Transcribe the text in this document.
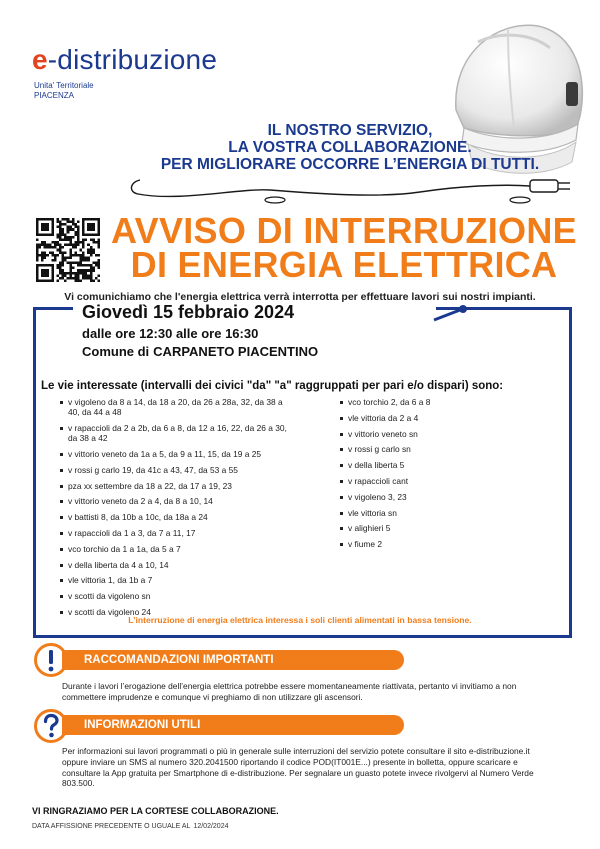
e-distribuzione
Unita' Territoriale
PIACENZA
IL NOSTRO SERVIZIO,
LA VOSTRA COLLABORAZIONE.
PER MIGLIORARE OCCORRE L’ENERGIA DI TUTTI.
AVVISO DI INTERRUZIONE
DI ENERGIA ELETTRICA
Vi comunichiamo che l'energia elettrica verrà interrotta per effettuare lavori sui nostri impianti.
Giovedì 15 febbraio 2024
dalle ore 12:30 alle ore 16:30
Comune di CARPANETO PIACENTINO
Le vie interessate (intervalli dei civici "da" "a" raggruppati per pari e/o dispari) sono:
v vigoleno da 8 a 14, da 18 a 20, da 26 a 28a, 32, da 38 a 40, da 44 a 48
v rapaccioli da 2 a 2b, da 6 a 8, da 12 a 16, 22, da 26 a 30, da 38 a 42
v vittorio veneto da 1a a 5, da 9 a 11, 15, da 19 a 25
v rossi g carlo 19, da 41c a 43, 47, da 53 a 55
pza xx settembre da 18 a 22, da 17 a 19, 23
v vittorio veneto da 2 a 4, da 8 a 10, 14
v battisti 8, da 10b a 10c, da 18a a 24
v rapaccioli da 1 a 3, da 7 a 11, 17
vco torchio da 1 a 1a, da 5 a 7
v della liberta da 4 a 10, 14
vle vittoria 1, da 1b a 7
v scotti da vigoleno sn
v scotti da vigoleno 24
vco torchio 2, da 6 a 8
vle vittoria da 2 a 4
v vittorio veneto sn
v rossi g carlo sn
v della liberta 5
v rapaccioli cant
v vigoleno 3, 23
vle vittoria sn
v alighieri 5
v fiume 2
L’interruzione di energia elettrica interessa i soli clienti alimentati in bassa tensione.
RACCOMANDAZIONI IMPORTANTI
Durante i lavori l’erogazione dell’energia elettrica potrebbe essere momentaneamente riattivata, pertanto vi invitiamo a non commettere imprudenze e comunque vi preghiamo di non utilizzare gli ascensori.
INFORMAZIONI UTILI
Per informazioni sui lavori programmati o più in generale sulle interruzioni del servizio potete consultare il sito e-distribuzione.it oppure inviare un SMS al numero 320.2041500 riportando il codice POD(IT001E...) presente in bolletta, oppure scaricare e consultare la App gratuita per Smartphone di e-distribuzione. Per segnalare un guasto potete invece rivolgervi al Numero Verde 803.500.
VI RINGRAZIAMO PER LA CORTESE COLLABORAZIONE.
DATA AFFISSIONE PRECEDENTE O UGUALE AL 12/02/2024
